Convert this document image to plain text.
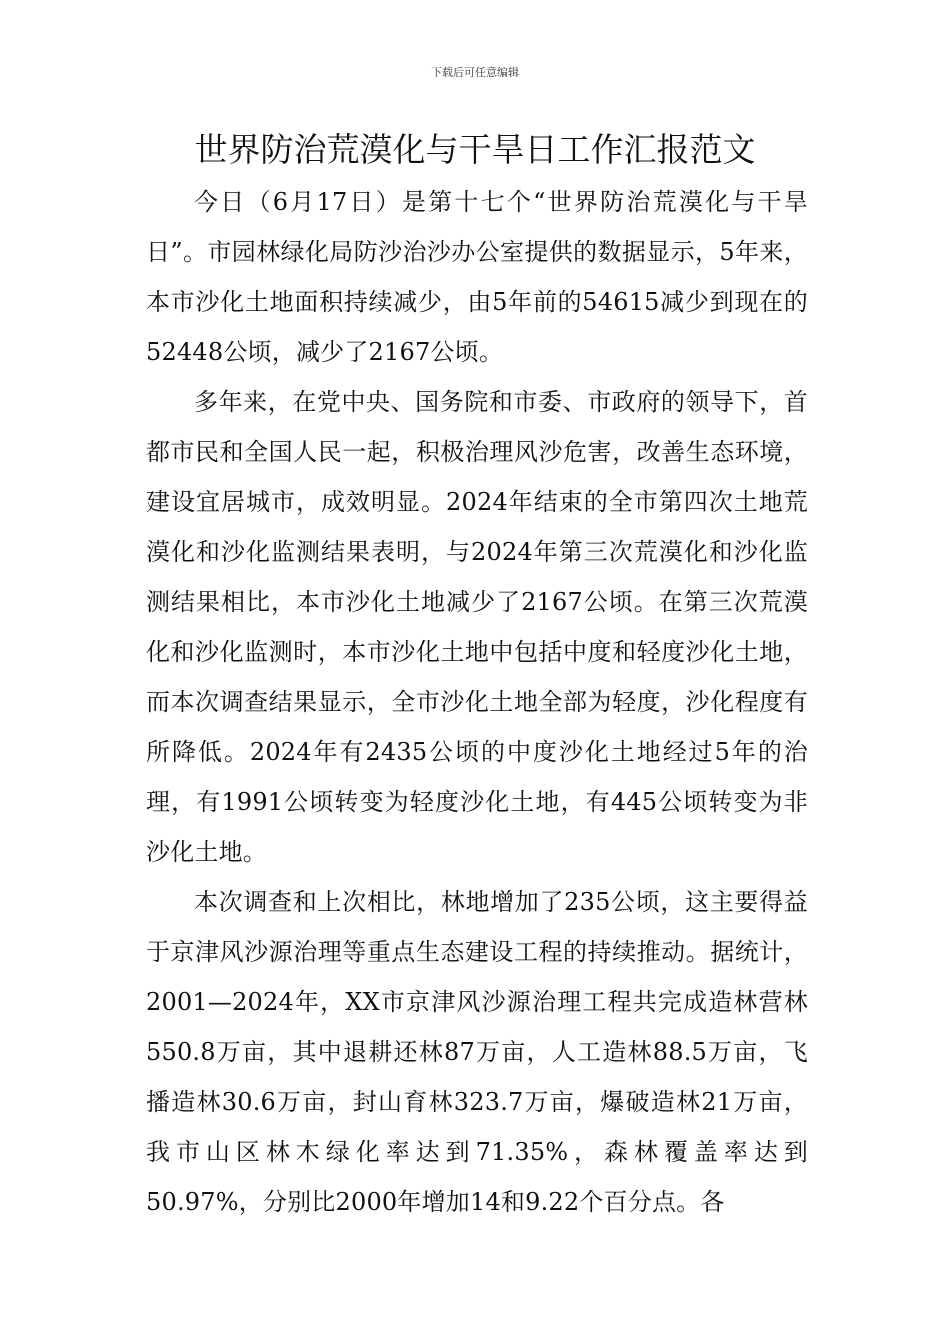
下载后可任意编辑
世界防治荒漠化与干旱日工作汇报范文

今日（6月17日）是第十七个“世界防治荒漠化与干旱日”。市园林绿化局防沙治沙办公室提供的数据显示，5年来，本市沙化土地面积持续减少，由5年前的54615减少到现在的52448公顷，减少了2167公顷。

多年来，在党中央、国务院和市委、市政府的领导下，首都市民和全国人民一起，积极治理风沙危害，改善生态环境，建设宜居城市，成效明显。2024年结束的全市第四次土地荒漠化和沙化监测结果表明，与2024年第三次荒漠化和沙化监测结果相比，本市沙化土地减少了2167公顷。在第三次荒漠化和沙化监测时，本市沙化土地中包括中度和轻度沙化土地，而本次调查结果显示，全市沙化土地全部为轻度，沙化程度有所降低。2024年有2435公顷的中度沙化土地经过5年的治理，有1991公顷转变为轻度沙化土地，有445公顷转变为非沙化土地。

本次调查和上次相比，林地增加了235公顷，这主要得益于京津风沙源治理等重点生态建设工程的持续推动。据统计，2001—2024年，XX市京津风沙源治理工程共完成造林营林550.8万亩，其中退耕还林87万亩，人工造林88.5万亩，飞播造林30.6万亩，封山育林323.7万亩，爆破造林21万亩，我市山区林木绿化率达到71.35%，森林覆盖率达到50.97%，分别比2000年增加14和9.22个百分点。各
